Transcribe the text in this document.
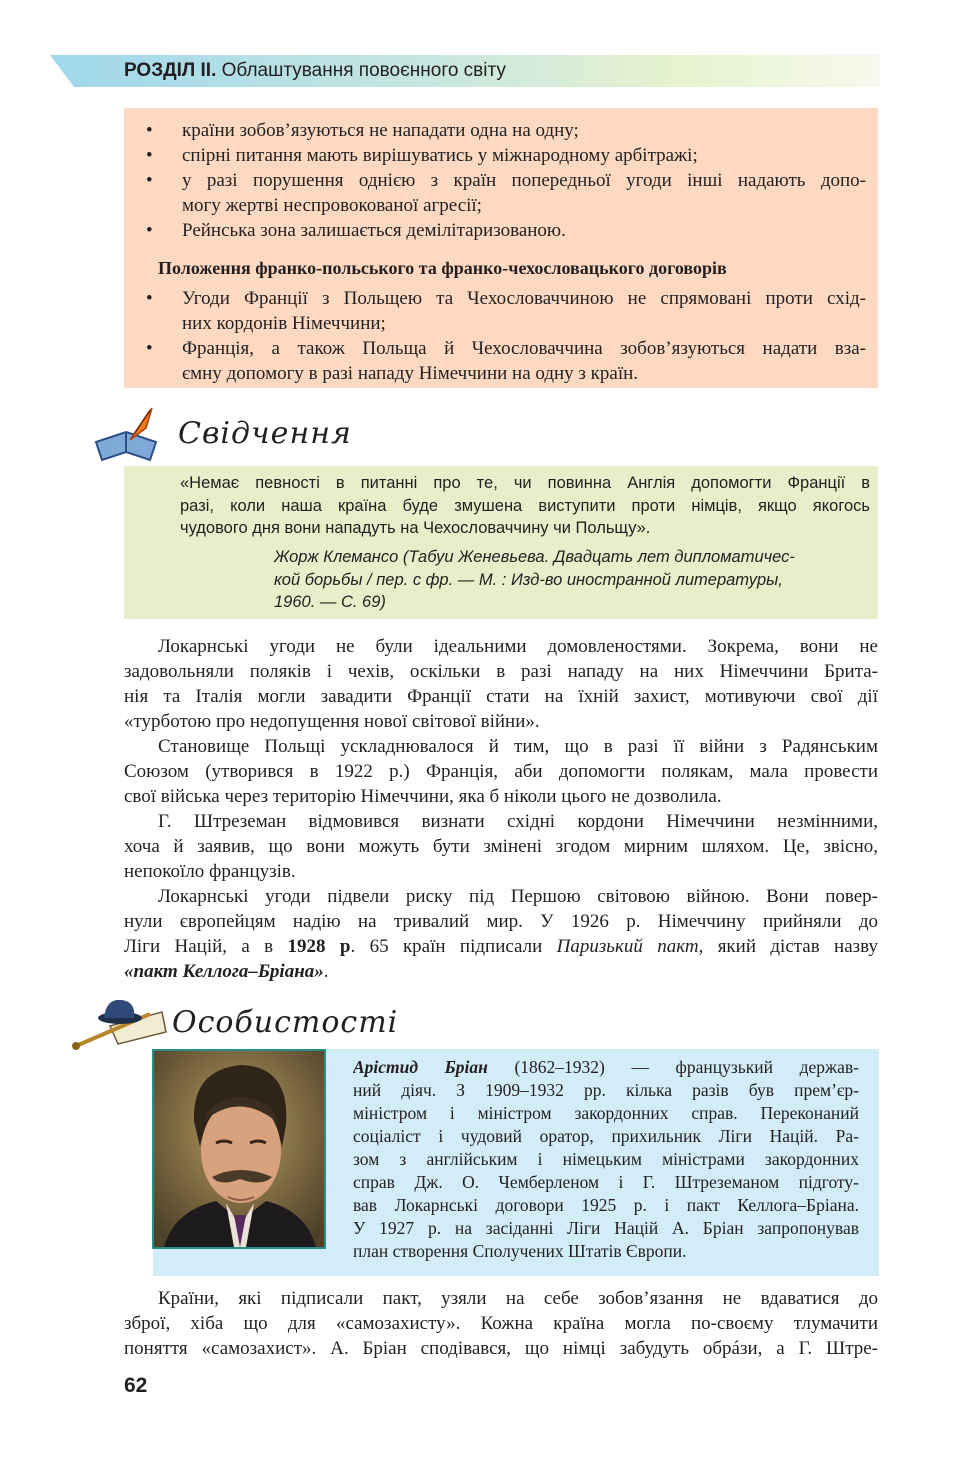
РОЗДІЛ ІІ. Облаштування повоєнного світу
• країни зобов’язуються не нападати одна на одну;
• спірні питання мають вирішуватись у міжнародному арбітражі;
• у разі порушення однією з країн попередньої угоди інші надають допо-
могу жертві неспровокованої агресії;
• Рейнська зона залишається демілітаризованою.
Положення франко-польського та франко-чехословацького договорів
• Угоди Франції з Польщею та Чехословаччиною не спрямовані проти схід-
них кордонів Німеччини;
• Франція, а також Польща й Чехословаччина зобов’язуються надати вза-
ємну допомогу в разі нападу Німеччини на одну з країн.
Свідчення
«Немає певності в питанні про те, чи повинна Англія допомогти Франції в
разі, коли наша країна буде змушена виступити проти німців, якщо якогось
чудового дня вони нападуть на Чехословаччину чи Польщу».
Жорж Клемансо (Табуи Женевьева. Двадцать лет дипломатичес-
кой борьбы / пер. с фр. — М. : Изд-во иностранной литературы,
1960. — С. 69)
Локарнські угоди не були ідеальними домовленостями. Зокрема, вони не
задовольняли поляків і чехів, оскільки в разі нападу на них Німеччини Брита-
нія та Італія могли завадити Франції стати на їхній захист, мотивуючи свої дії
«турботою про недопущення нової світової війни».
Становище Польщі ускладнювалося й тим, що в разі її війни з Радянським
Союзом (утворився в 1922 р.) Франція, аби допомогти полякам, мала провести
свої війська через територію Німеччини, яка б ніколи цього не дозволила.
Г. Штреземан відмовився визнати східні кордони Німеччини незмінними,
хоча й заявив, що вони можуть бути змінені згодом мирним шляхом. Це, звісно,
непокоїло французів.
Локарнські угоди підвели риску під Першою світовою війною. Вони повер-
нули європейцям надію на тривалий мир. У 1926 р. Німеччину прийняли до
Ліги Націй, а в 1928 р. 65 країн підписали Паризький пакт, який дістав назву
«пакт Келлога–Бріана».
Особистості
Арістид Бріан (1862–1932) — французький держав-
ний діяч. З 1909–1932 рр. кілька разів був прем’єр-
міністром і міністром закордонних справ. Переконаний
соціаліст і чудовий оратор, прихильник Ліги Націй. Ра-
зом з англійським і німецьким міністрами закордонних
справ Дж. О. Чемберленом і Г. Штреземаном підготу-
вав Локарнські договори 1925 р. і пакт Келлога–Бріана.
У 1927 р. на засіданні Ліги Націй А. Бріан запропонував
план створення Сполучених Штатів Європи.
Країни, які підписали пакт, узяли на себе зобов’язання не вдаватися до
зброї, хіба що для «самозахисту». Кожна країна могла по-своєму тлумачити
поняття «самозахист». А. Бріан сподівався, що німці забудуть обрáзи, а Г. Штре-
62
